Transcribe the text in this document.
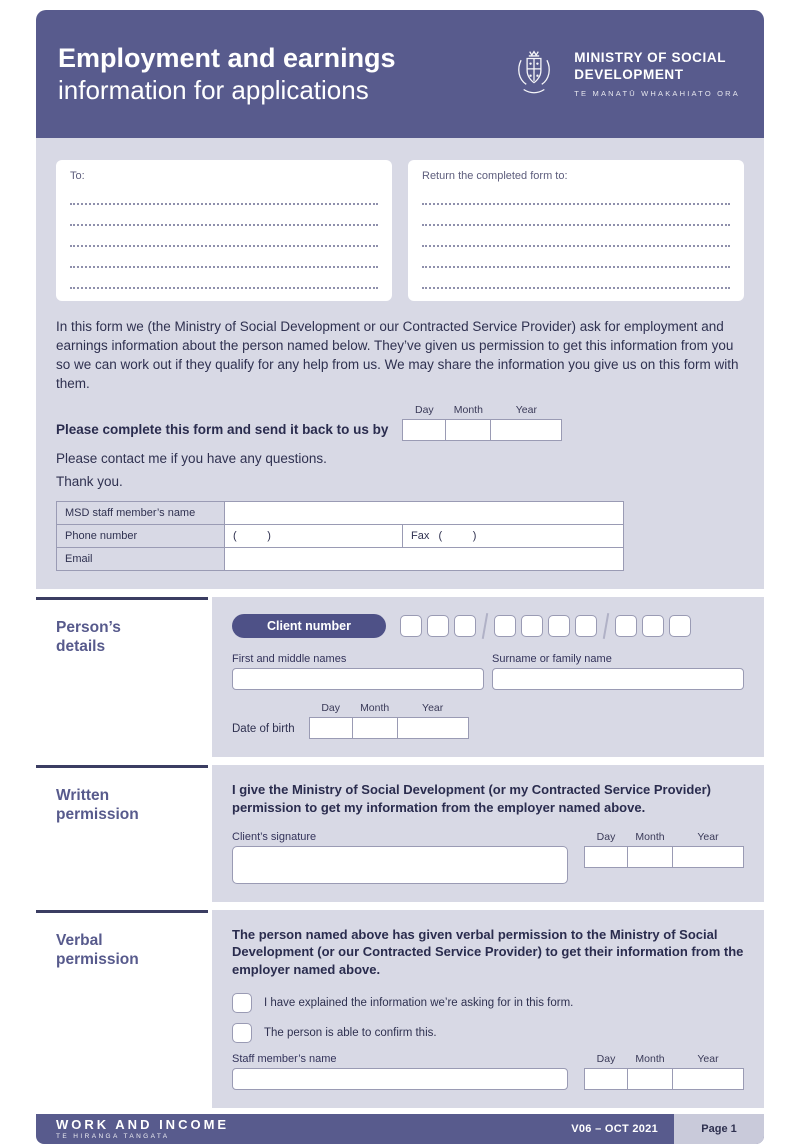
Employment and earnings
information for applications
MINISTRY OF SOCIAL
DEVELOPMENT
TE MANATŪ WHAKAHIATO ORA
To:	Return the completed form to:

In this form we (the Ministry of Social Development or our Contracted Service Provider) ask for employment and earnings information about the person named below. They’ve given us permission to get this information from you so we can work out if they qualify for any help from us. We may share the information you give us on this form with them.

Please complete this form and send it back to us by
Day Month	Year

Please contact me if you have any questions.

Thank you.

MSD staff member’s name		
Phone number	(          )	Fax (          )
Email		
Person’s details
Client number
First and middle names	Surname or family name
Date of birth
Day Month	Year
Written permission

I give the Ministry of Social Development (or my Contracted Service Provider) permission to get my information from the employer named above.

Client’s signature	Day Month	Year
Verbal permission

The person named above has given verbal permission to the Ministry of Social Development (or our Contracted Service Provider) to get their information from the employer named above.

I have explained the information we’re asking for in this form.
The person is able to confirm this.
Staff member’s name	Day Month	Year
WORK AND INCOME
TE HIRANGA TANGATA
V06 – OCT 2021	Page 1
